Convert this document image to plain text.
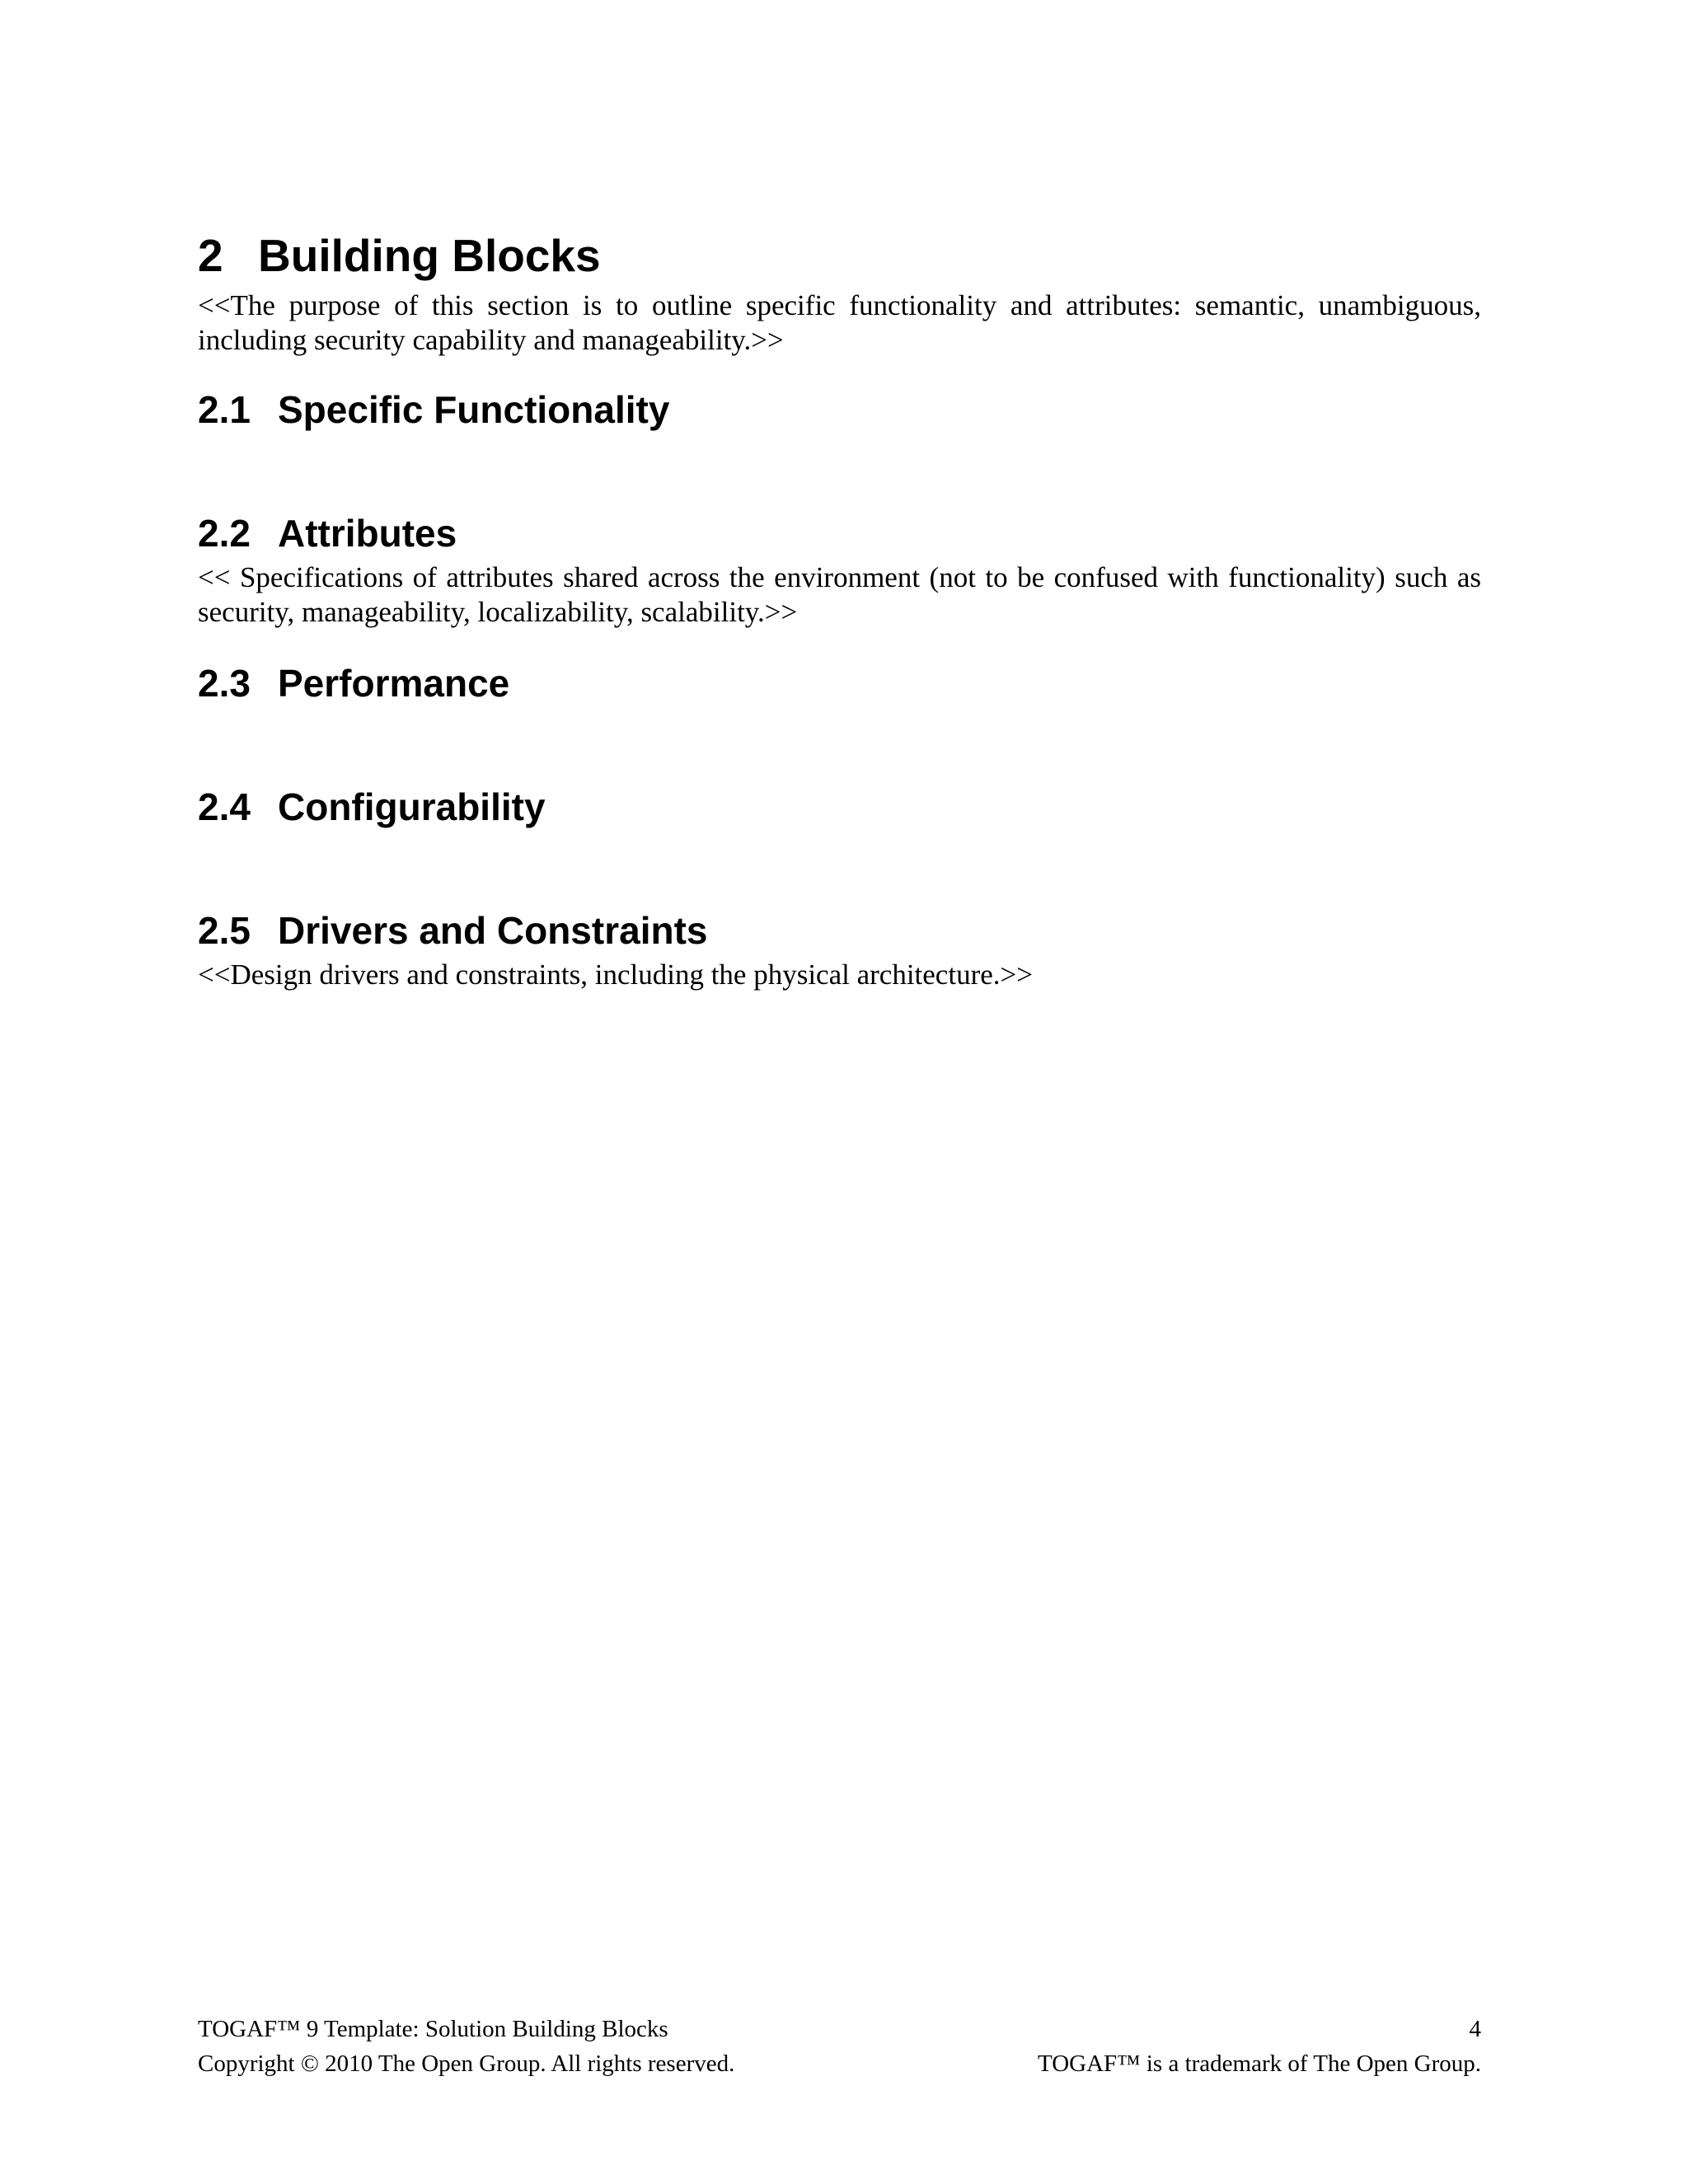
2 Building Blocks

<<The purpose of this section is to outline specific functionality and attributes: semantic, unambiguous, including security capability and manageability.>>

2.1 Specific Functionality
2.2 Attributes

<< Specifications of attributes shared across the environment (not to be confused with functionality) such as security, manageability, localizability, scalability.>>

2.3 Performance
2.4 Configurability
2.5 Drivers and Constraints

<<Design drivers and constraints, including the physical architecture.>>

TOGAF™ 9 Template: Solution Building Blocks	4
Copyright © 2010 The Open Group. All rights reserved.	TOGAF™ is a trademark of The Open Group.
